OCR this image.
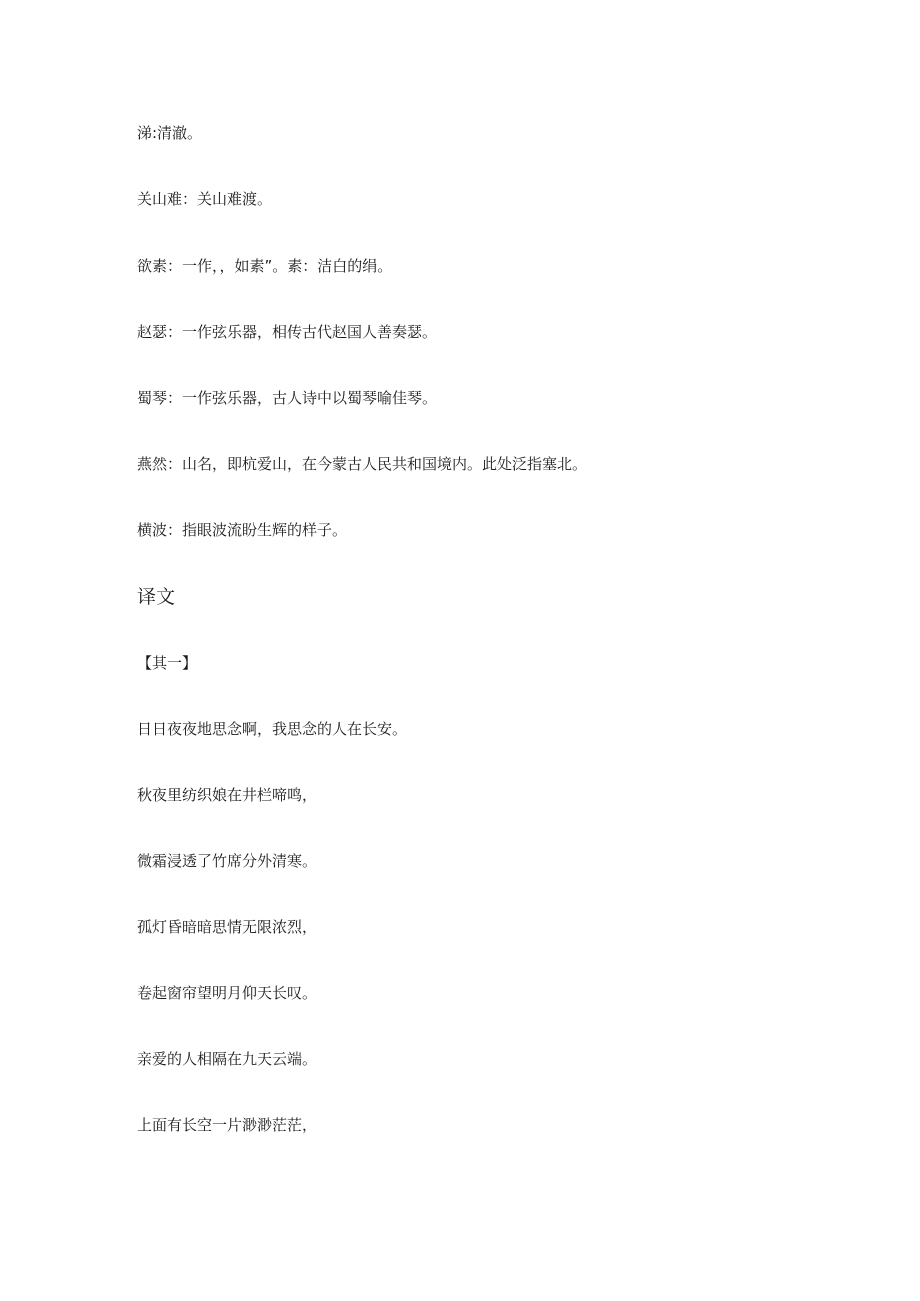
涕:清澈。
关山难：关山难渡。
欲素：一作，，如素”。素：洁白的绢。
赵瑟：一作弦乐器，相传古代赵国人善奏瑟。
蜀琴：一作弦乐器，古人诗中以蜀琴喻佳琴。
燕然：山名，即杭爱山，在今蒙古人民共和国境内。此处泛指塞北。
横波：指眼波流盼生辉的样子。
译文
【其一】
日日夜夜地思念啊，我思念的人在长安。
秋夜里纺织娘在井栏啼鸣，
微霜浸透了竹席分外清寒。
孤灯昏暗暗思情无限浓烈，
卷起窗帘望明月仰天长叹。
亲爱的人相隔在九天云端。
上面有长空一片渺渺茫茫，
